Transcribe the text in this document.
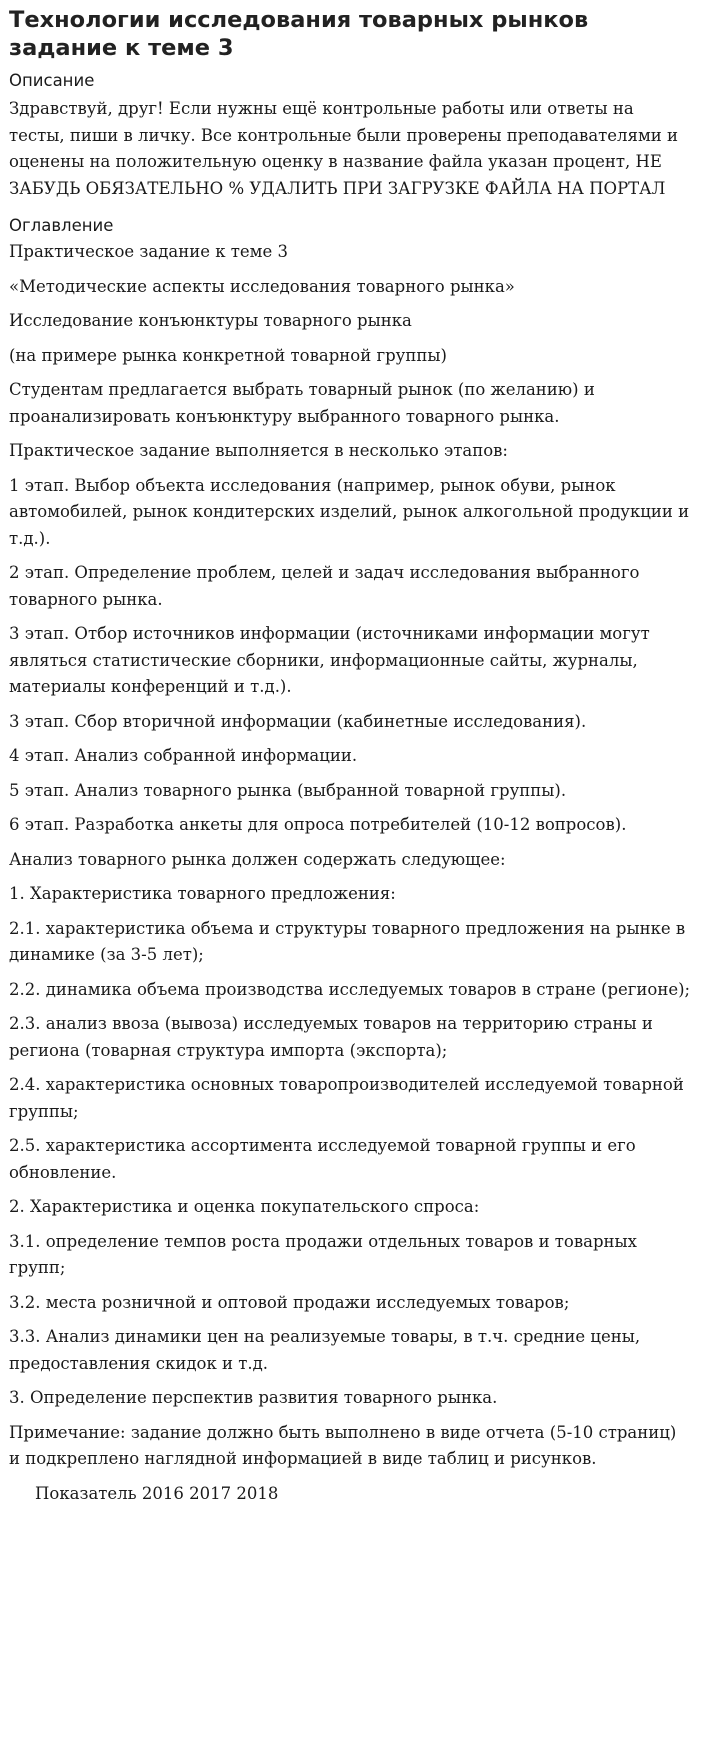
Технологии исследования товарных рынков задание к теме 3
Описание

Здравствуй, друг! Если нужны ещё контрольные работы или ответы на тесты, пиши в личку. Все контрольные были проверены преподавателями и оценены на положительную оценку в название файла указан процент, НЕ ЗАБУДЬ ОБЯЗАТЕЛЬНО % УДАЛИТЬ ПРИ ЗАГРУЗКЕ ФАЙЛА НА ПОРТАЛ

Оглавление

Практическое задание к теме 3

«Методические аспекты исследования товарного рынка»

Исследование конъюнктуры товарного рынка

(на примере рынка конкретной товарной группы)

Студентам предлагается выбрать товарный рынок (по желанию) и проанализировать конъюнктуру выбранного товарного рынка.

Практическое задание выполняется в несколько этапов:

1 этап. Выбор объекта исследования (например, рынок обуви, рынок автомобилей, рынок кондитерских изделий, рынок алкогольной продукции и т.д.).

2 этап. Определение проблем, целей и задач исследования выбранного товарного рынка.

3 этап. Отбор источников информации (источниками информации могут являться статистические сборники, информационные сайты, журналы, материалы конференций и т.д.).

3 этап. Сбор вторичной информации (кабинетные исследования).

4 этап. Анализ собранной информации.

5 этап. Анализ товарного рынка (выбранной товарной группы).

6 этап. Разработка анкеты для опроса потребителей (10-12 вопросов).

Анализ товарного рынка должен содержать следующее:

1. Характеристика товарного предложения:

2.1. характеристика объема и структуры товарного предложения на рынке в динамике (за 3-5 лет);

2.2. динамика объема производства исследуемых товаров в стране (регионе);

2.3. анализ ввоза (вывоза) исследуемых товаров на территорию страны и региона (товарная структура импорта (экспорта);

2.4. характеристика основных товаропроизводителей исследуемой товарной группы;

2.5. характеристика ассортимента исследуемой товарной группы и его обновление.

2. Характеристика и оценка покупательского спроса:

3.1. определение темпов роста продажи отдельных товаров и товарных групп;

3.2. места розничной и оптовой продажи исследуемых товаров;

3.3. Анализ динамики цен на реализуемые товары, в т.ч. средние цены, предоставления скидок и т.д.

3. Определение перспектив развития товарного рынка.

Примечание: задание должно быть выполнено в виде отчета (5-10 страниц) и подкреплено наглядной информацией в виде таблиц и рисунков.

Показатель 2016 2017 2018
